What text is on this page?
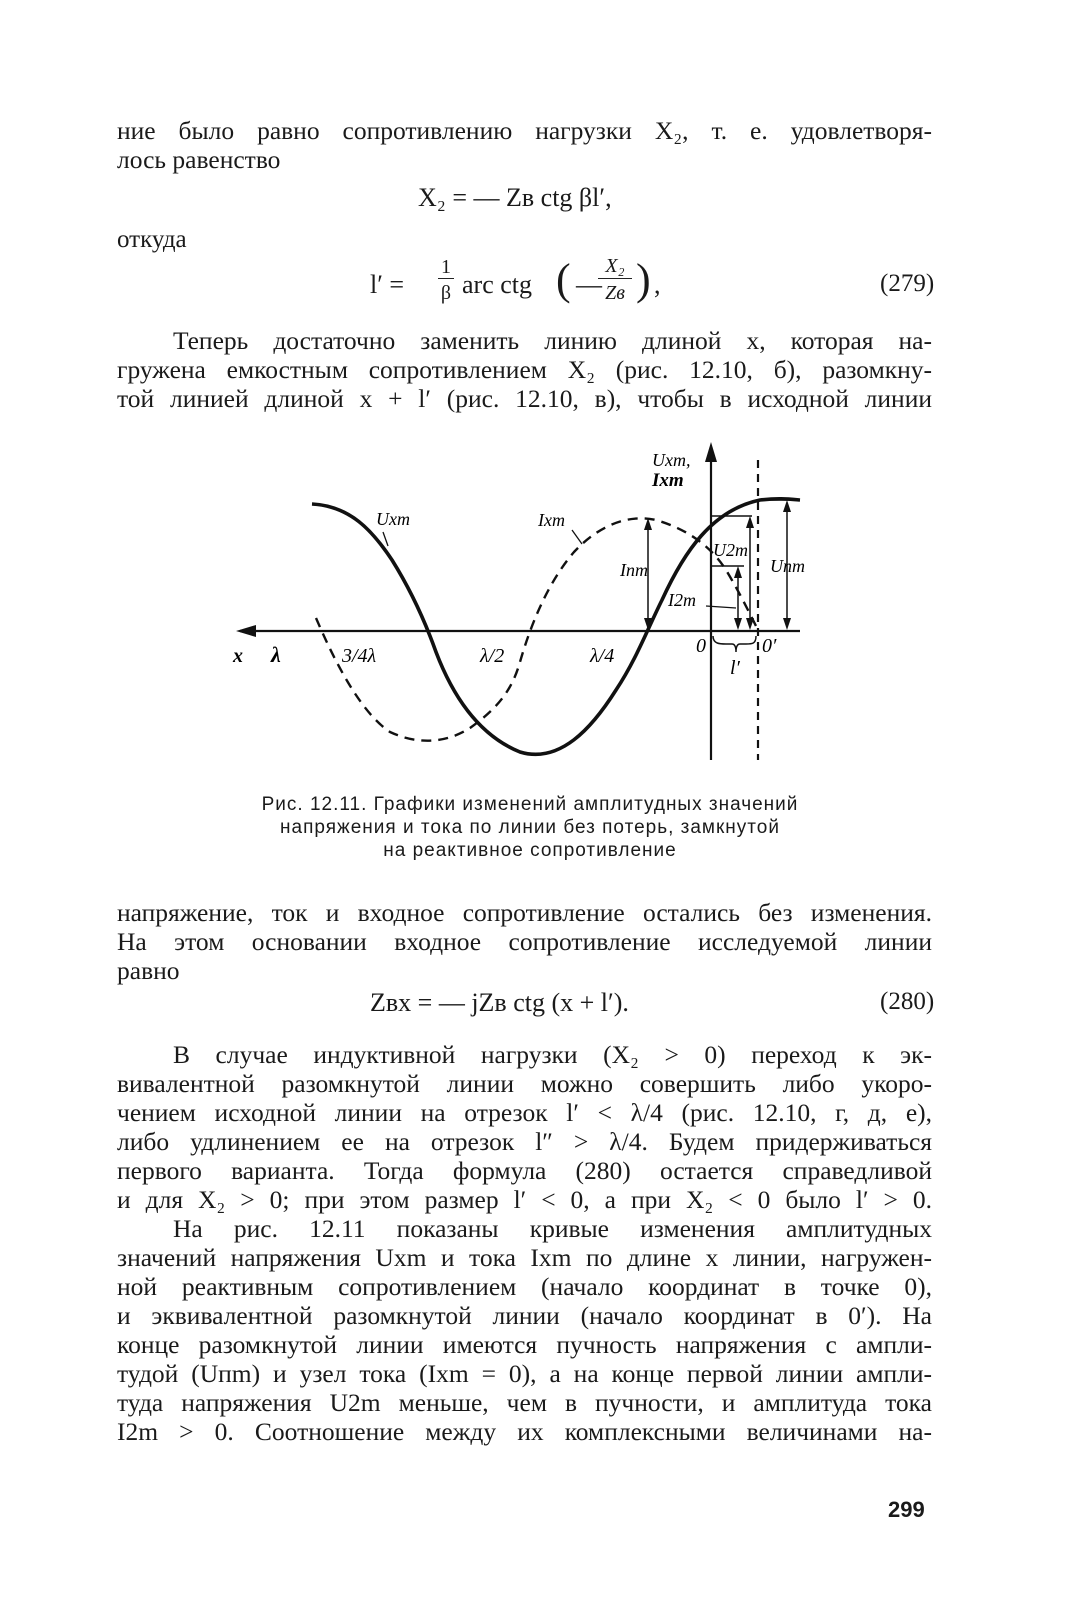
ние было равно сопротивлению нагрузки X₂, т. е. удовлетворя-
лось равенство
X₂ = — Zв ctg βl′,
откуда
l′ =
1
β arc ctg ( —
X₂
Zв ) ,	(279)
Теперь достаточно заменить линию длиной x, которая на-
гружена емкостным сопротивлением X₂ (рис. 12.10, б), разомкну-
той линией длиной x + l′ (рис. 12.10, в), чтобы в исходной линии
Uxm,
Ixm
Uxm	Ixm
Iпm
U2m
Uпm
I2m
x λ	3/4λ	λ/2	λ/4	0	0′
l′
Рис. 12.11. Графики изменений амплитудных значений
напряжения и тока по линии без потерь, замкнутой
на реактивное сопротивление
напряжение, ток и входное сопротивление остались без изменения.
На этом основании входное сопротивление исследуемой линии
равно
Zвх = — jZв ctg (x + l′).	(280)
В случае индуктивной нагрузки (X₂ > 0) переход к эк-
вивалентной разомкнутой линии можно совершить либо укоро-
чением исходной линии на отрезок l′ < λ/4 (рис. 12.10, г, д, е),
либо удлинением ее на отрезок l″ > λ/4. Будем придерживаться
первого варианта. Тогда формула (280) остается справедливой
и для X₂ > 0; при этом размер l′ < 0, а при X₂ < 0 было l′ > 0.
На рис. 12.11 показаны кривые изменения амплитудных
значений напряжения Uxm и тока Ixm по длине x линии, нагружен-
ной реактивным сопротивлением (начало координат в точке 0),
и эквивалентной разомкнутой линии (начало координат в 0′). На
конце разомкнутой линии имеются пучность напряжения с ампли-
тудой (Uпm) и узел тока (Ixm = 0), а на конце первой линии ампли-
туда напряжения U2m меньше, чем в пучности, и амплитуда тока
I2m > 0. Соотношение между их комплексными величинами на-
299
